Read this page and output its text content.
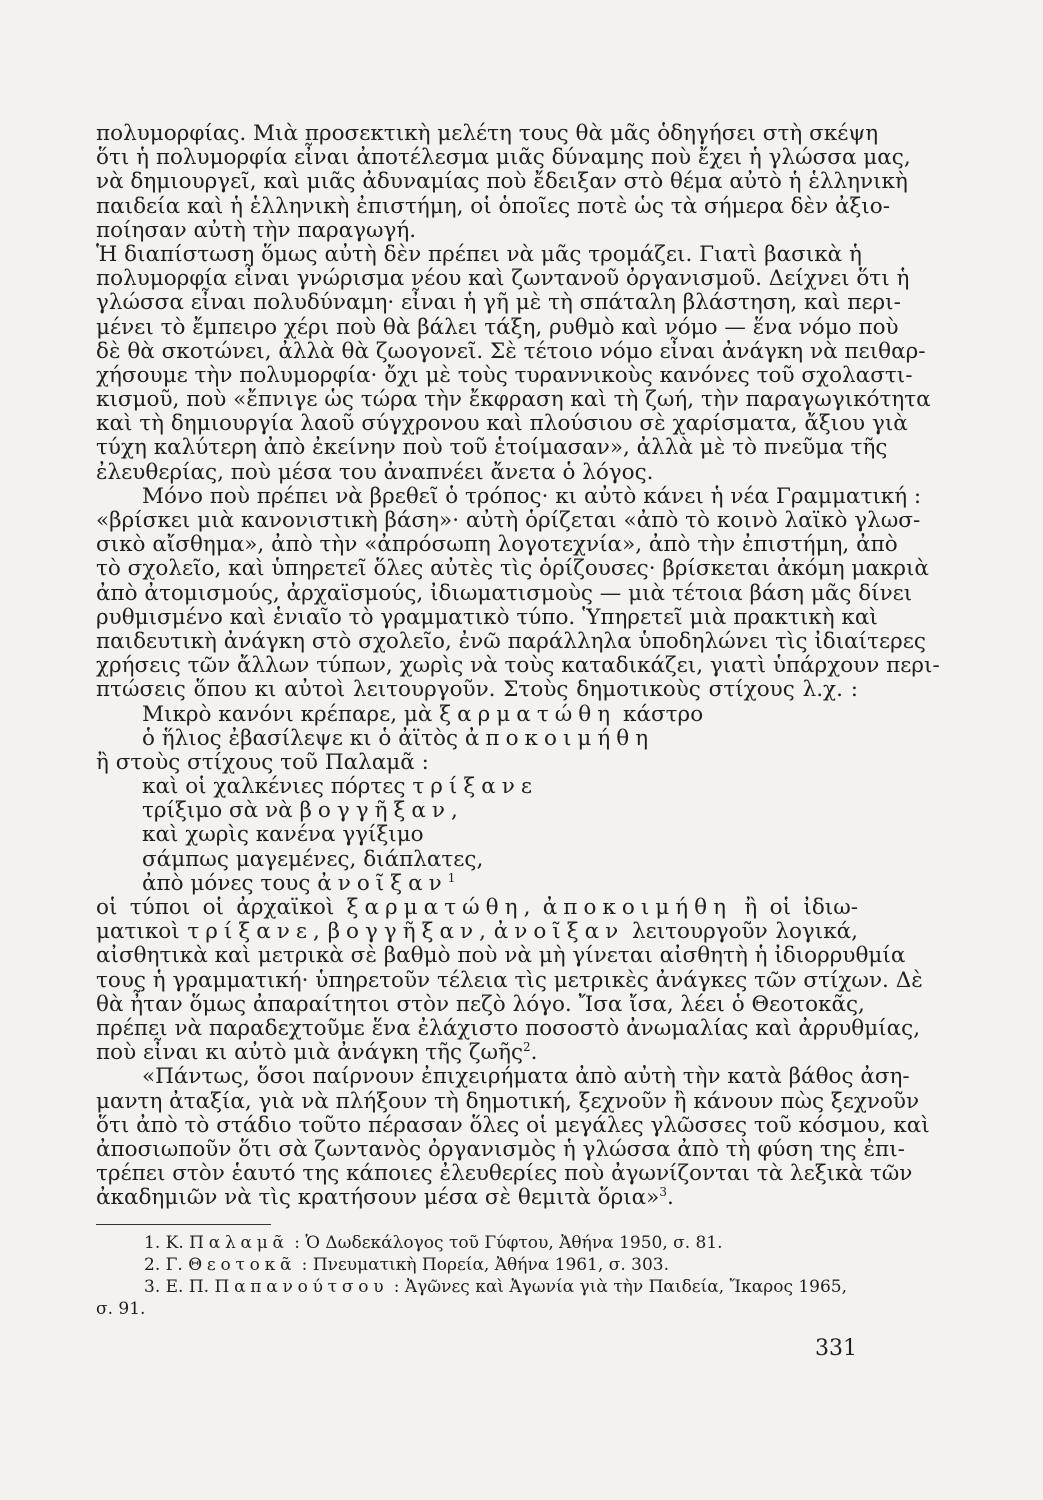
πολυμορφίας. Μιὰ προσεκτικὴ μελέτη τους θὰ μᾶς ὁδηγήσει στὴ σκέψη
ὅτι ἡ πολυμορφία εἶναι ἀποτέλεσμα μιᾶς δύναμης ποὺ ἔχει ἡ γλώσσα μας,
νὰ δημιουργεῖ, καὶ μιᾶς ἀδυναμίας ποὺ ἔδειξαν στὸ θέμα αὐτὸ ἡ ἑλληνικὴ
παιδεία καὶ ἡ ἑλληνικὴ ἐπιστήμη, οἱ ὁποῖες ποτὲ ὡς τὰ σήμερα δὲν ἀξιο-
ποίησαν αὐτὴ τὴν παραγωγή.
Ἡ διαπίστωση ὅμως αὐτὴ δὲν πρέπει νὰ μᾶς τρομάζει. Γιατὶ βασικὰ ἡ
πολυμορφία εἶναι γνώρισμα νέου καὶ ζωντανοῦ ὀργανισμοῦ. Δείχνει ὅτι ἡ
γλώσσα εἶναι πολυδύναμη· εἶναι ἡ γῆ μὲ τὴ σπάταλη βλάστηση, καὶ περι-
μένει τὸ ἔμπειρο χέρι ποὺ θὰ βάλει τάξη, ρυθμὸ καὶ νόμο — ἕνα νόμο ποὺ
δὲ θὰ σκοτώνει, ἀλλὰ θὰ ζωογονεῖ. Σὲ τέτοιο νόμο εἶναι ἀνάγκη νὰ πειθαρ-
χήσουμε τὴν πολυμορφία· ὄχι μὲ τοὺς τυραννικοὺς κανόνες τοῦ σχολαστι-
κισμοῦ, ποὺ «ἔπνιγε ὡς τώρα τὴν ἔκφραση καὶ τὴ ζωή, τὴν παραγωγικότητα
καὶ τὴ δημιουργία λαοῦ σύγχρονου καὶ πλούσιου σὲ χαρίσματα, ἄξιου γιὰ
τύχη καλύτερη ἀπὸ ἐκείνην ποὺ τοῦ ἑτοίμασαν», ἀλλὰ μὲ τὸ πνεῦμα τῆς
ἐλευθερίας, ποὺ μέσα του ἀναπνέει ἄνετα ὁ λόγος.
Μόνο ποὺ πρέπει νὰ βρεθεῖ ὁ τρόπος· κι αὐτὸ κάνει ἡ νέα Γραμματική :
«βρίσκει μιὰ κανονιστικὴ βάση»· αὐτὴ ὁρίζεται «ἀπὸ τὸ κοινὸ λαϊκὸ γλωσ-
σικὸ αἴσθημα», ἀπὸ τὴν «ἀπρόσωπη λογοτεχνία», ἀπὸ τὴν ἐπιστήμη, ἀπὸ
τὸ σχολεῖο, καὶ ὑπηρετεῖ ὅλες αὐτὲς τὶς ὁρίζουσες· βρίσκεται ἀκόμη μακριὰ
ἀπὸ ἀτομισμούς, ἀρχαϊσμούς, ἰδιωματισμοὺς — μιὰ τέτοια βάση μᾶς δίνει
ρυθμισμένο καὶ ἑνιαῖο τὸ γραμματικὸ τύπο. Ὑπηρετεῖ μιὰ πρακτικὴ καὶ
παιδευτικὴ ἀνάγκη στὸ σχολεῖο, ἐνῶ παράλληλα ὑποδηλώνει τὶς ἰδιαίτερες
χρήσεις τῶν ἄλλων τύπων, χωρὶς νὰ τοὺς καταδικάζει, γιατὶ ὑπάρχουν περι-
πτώσεις ὅπου κι αὐτοὶ λειτουργοῦν. Στοὺς δημοτικοὺς στίχους λ.χ. :
Μικρὸ κανόνι κρέπαρε, μὰ ξαρματώθη κάστρο
ὁ ἥλιος ἐβασίλεψε κι ὁ ἀϊτὸς ἀποκοιμήθη
ἢ στοὺς στίχους τοῦ Παλαμᾶ :
καὶ οἱ χαλκένιες πόρτες τρίξανε
τρίξιμο σὰ νὰ βογγῆξαν,
καὶ χωρὶς κανένα γγίξιμο
σάμπως μαγεμένες, διάπλατες,
ἀπὸ μόνες τους ἀνοῖξαν$^1$
οἱ τύποι οἱ ἀρχαϊκοὶ ξαρματώθη, ἀποκοιμήθη ἢ οἱ ἰδιω-
ματικοὶ τρίξανε, βογγῆξαν, ἀνοῖξαν λειτουργοῦν λογικά,
αἰσθητικὰ καὶ μετρικὰ σὲ βαθμὸ ποὺ νὰ μὴ γίνεται αἰσθητὴ ἡ ἰδιορρυθμία
τους ἡ γραμματική· ὑπηρετοῦν τέλεια τὶς μετρικὲς ἀνάγκες τῶν στίχων. Δὲ
θὰ ἦταν ὅμως ἀπαραίτητοι στὸν πεζὸ λόγο. Ἴσα ἴσα, λέει ὁ Θεοτοκᾶς,
πρέπει νὰ παραδεχτοῦμε ἕνα ἐλάχιστο ποσοστὸ ἀνωμαλίας καὶ ἀρρυθμίας,
ποὺ εἶναι κι αὐτὸ μιὰ ἀνάγκη τῆς ζωῆς$^2$.
«Πάντως, ὅσοι παίρνουν ἐπιχειρήματα ἀπὸ αὐτὴ τὴν κατὰ βάθος ἀση-
μαντη ἀταξία, γιὰ νὰ πλήξουν τὴ δημοτική, ξεχνοῦν ἢ κάνουν πὼς ξεχνοῦν
ὅτι ἀπὸ τὸ στάδιο τοῦτο πέρασαν ὅλες οἱ μεγάλες γλῶσσες τοῦ κόσμου, καὶ
ἀποσιωποῦν ὅτι σὰ ζωντανὸς ὀργανισμὸς ἡ γλώσσα ἀπὸ τὴ φύση της ἐπι-
τρέπει στὸν ἑαυτό της κάποιες ἐλευθερίες ποὺ ἀγωνίζονται τὰ λεξικὰ τῶν
ἀκαδημιῶν νὰ τὶς κρατήσουν μέσα σὲ θεμιτὰ ὅρια»$^3$.
1. Κ. Παλαμᾶ : Ὁ Δωδεκάλογος τοῦ Γύφτου, Ἀθήνα 1950, σ. 81.
2. Γ. Θεοτοκᾶ : Πνευματικὴ Πορεία, Ἀθήνα 1961, σ. 303.
3. Ε. Π. Παπανούτσου : Ἀγῶνες καὶ Ἀγωνία γιὰ τὴν Παιδεία, Ἴκαρος 1965,
σ. 91.
331
